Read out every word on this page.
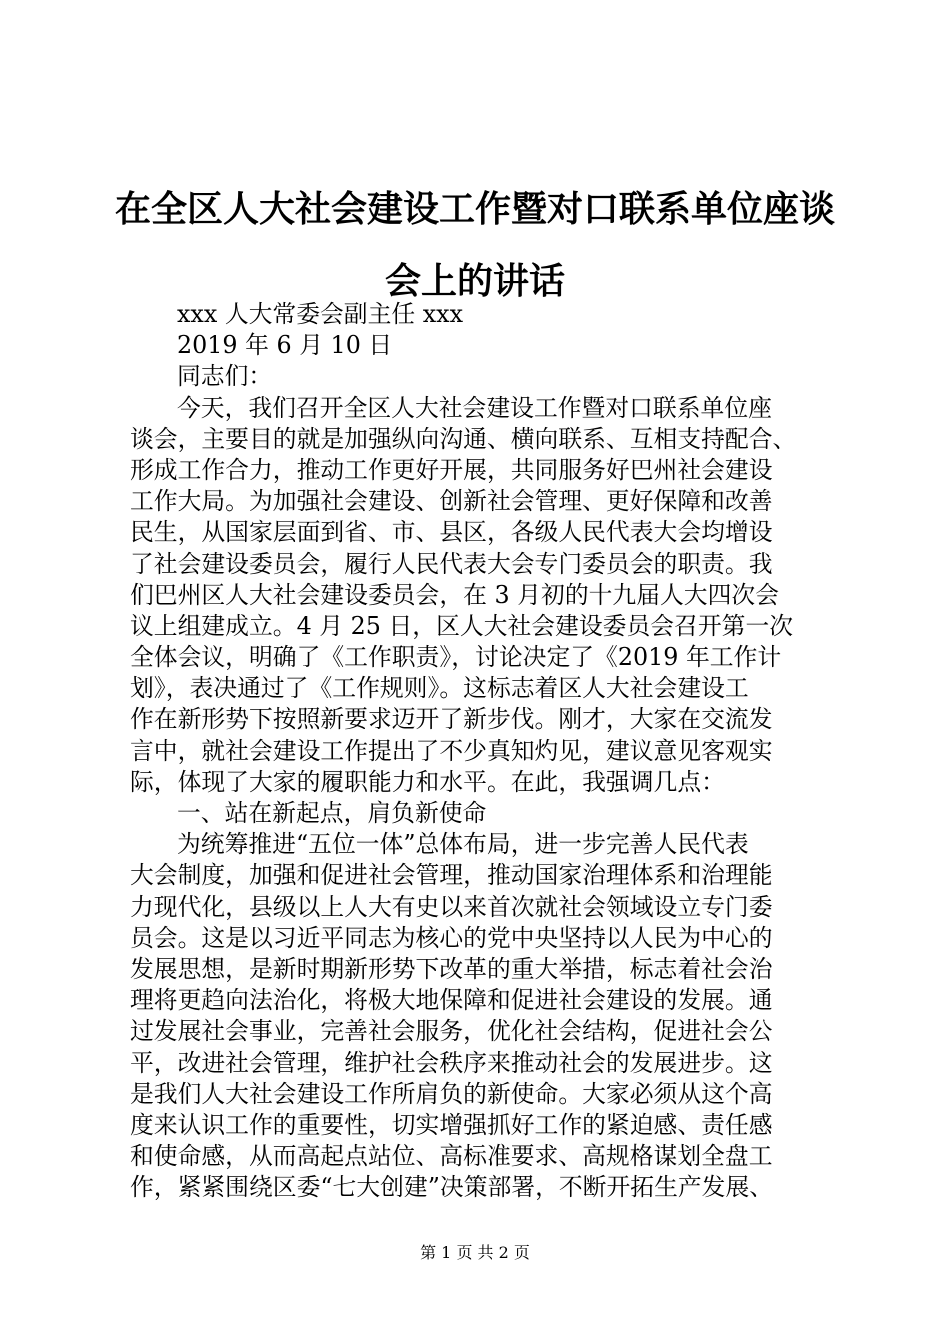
在全区人大社会建设工作暨对口联系单位座谈
会上的讲话
xxx 人大常委会副主任 xxx
2019 年 6 月 10 日
同志们：
今天，我们召开全区人大社会建设工作暨对口联系单位座
谈会，主要目的就是加强纵向沟通、横向联系、互相支持配合、
形成工作合力，推动工作更好开展，共同服务好巴州社会建设
工作大局。为加强社会建设、创新社会管理、更好保障和改善
民生，从国家层面到省、市、县区，各级人民代表大会均增设
了社会建设委员会，履行人民代表大会专门委员会的职责。我
们巴州区人大社会建设委员会，在 3 月初的十九届人大四次会
议上组建成立。4 月 25 日，区人大社会建设委员会召开第一次
全体会议，明确了《工作职责》，讨论决定了《2019 年工作计
划》，表决通过了《工作规则》。这标志着区人大社会建设工
作在新形势下按照新要求迈开了新步伐。刚才，大家在交流发
言中，就社会建设工作提出了不少真知灼见，建议意见客观实
际，体现了大家的履职能力和水平。在此，我强调几点：
一、站在新起点，肩负新使命
为统筹推进“五位一体”总体布局，进一步完善人民代表
大会制度，加强和促进社会管理，推动国家治理体系和治理能
力现代化，县级以上人大有史以来首次就社会领域设立专门委
员会。这是以习近平同志为核心的党中央坚持以人民为中心的
发展思想，是新时期新形势下改革的重大举措，标志着社会治
理将更趋向法治化，将极大地保障和促进社会建设的发展。通
过发展社会事业，完善社会服务，优化社会结构，促进社会公
平，改进社会管理，维护社会秩序来推动社会的发展进步。这
是我们人大社会建设工作所肩负的新使命。大家必须从这个高
度来认识工作的重要性，切实增强抓好工作的紧迫感、责任感
和使命感，从而高起点站位、高标准要求、高规格谋划全盘工
作，紧紧围绕区委“七大创建”决策部署，不断开拓生产发展、
第 1 页 共 2 页
